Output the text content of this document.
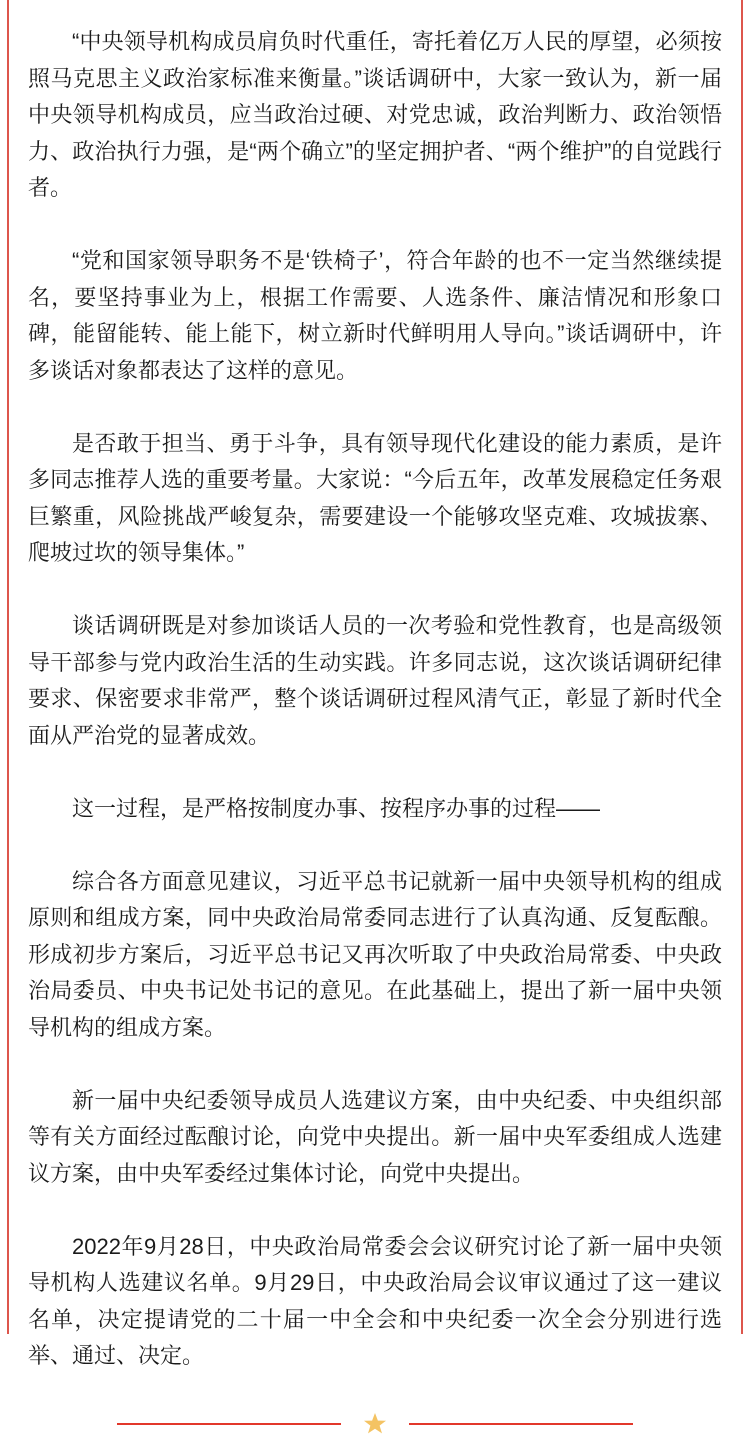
“中央领导机构成员肩负时代重任，寄托着亿万人民的厚望，必须按照马克思主义政治家标准来衡量。”谈话调研中，大家一致认为，新一届中央领导机构成员，应当政治过硬、对党忠诚，政治判断力、政治领悟力、政治执行力强，是“两个确立”的坚定拥护者、“两个维护”的自觉践行者。

“党和国家领导职务不是‘铁椅子’，符合年龄的也不一定当然继续提名，要坚持事业为上，根据工作需要、人选条件、廉洁情况和形象口碑，能留能转、能上能下，树立新时代鲜明用人导向。”谈话调研中，许多谈话对象都表达了这样的意见。

是否敢于担当、勇于斗争，具有领导现代化建设的能力素质，是许多同志推荐人选的重要考量。大家说：“今后五年，改革发展稳定任务艰巨繁重，风险挑战严峻复杂，需要建设一个能够攻坚克难、攻城拔寨、爬坡过坎的领导集体。”

谈话调研既是对参加谈话人员的一次考验和党性教育，也是高级领导干部参与党内政治生活的生动实践。许多同志说，这次谈话调研纪律要求、保密要求非常严，整个谈话调研过程风清气正，彰显了新时代全面从严治党的显著成效。

这一过程，是严格按制度办事、按程序办事的过程——

综合各方面意见建议，习近平总书记就新一届中央领导机构的组成原则和组成方案，同中央政治局常委同志进行了认真沟通、反复酝酿。形成初步方案后，习近平总书记又再次听取了中央政治局常委、中央政治局委员、中央书记处书记的意见。在此基础上，提出了新一届中央领导机构的组成方案。

新一届中央纪委领导成员人选建议方案，由中央纪委、中央组织部等有关方面经过酝酿讨论，向党中央提出。新一届中央军委组成人选建议方案，由中央军委经过集体讨论，向党中央提出。

2022年9月28日，中央政治局常委会会议研究讨论了新一届中央领导机构人选建议名单。9月29日，中央政治局会议审议通过了这一建议名单，决定提请党的二十届一中全会和中央纪委一次全会分别进行选举、通过、决定。
